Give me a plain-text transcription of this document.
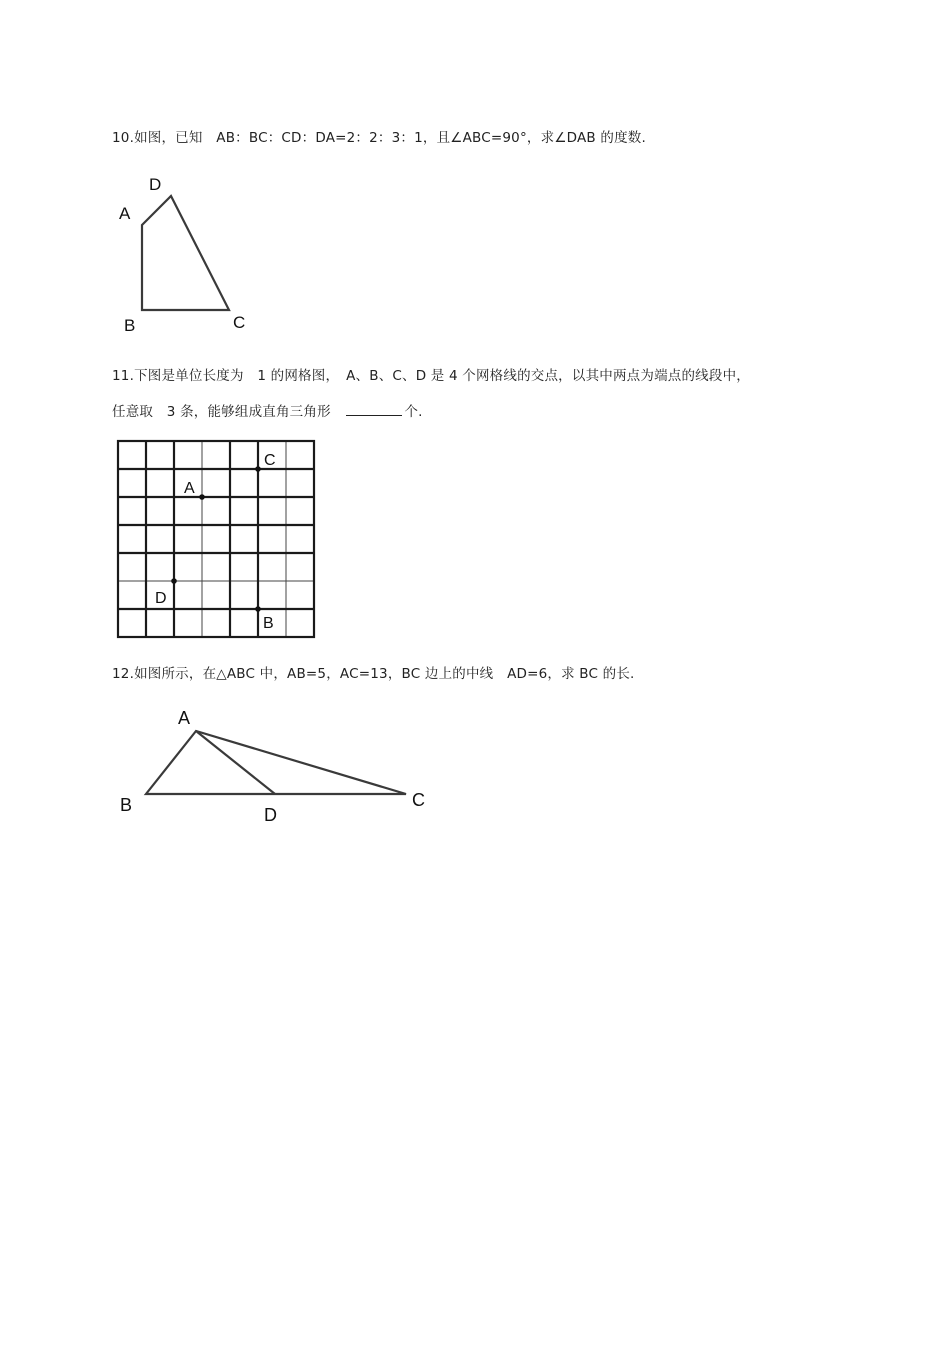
10.如图，已知　AB：BC：CD：DA=2：2：3：1，且∠ABC=90°，求∠DAB 的度数.
D
A
B	C
11.下图是单位长度为　1 的网格图，　A、B、C、D 是 4 个网格线的交点，以其中两点为端点的线段中，
任意取　3 条，能够组成直角三角形　	个.
C
A
D
B
12.如图所示，在△ABC 中，AB=5，AC=13，BC 边上的中线　AD=6，求 BC 的长.
A
B	D
C
